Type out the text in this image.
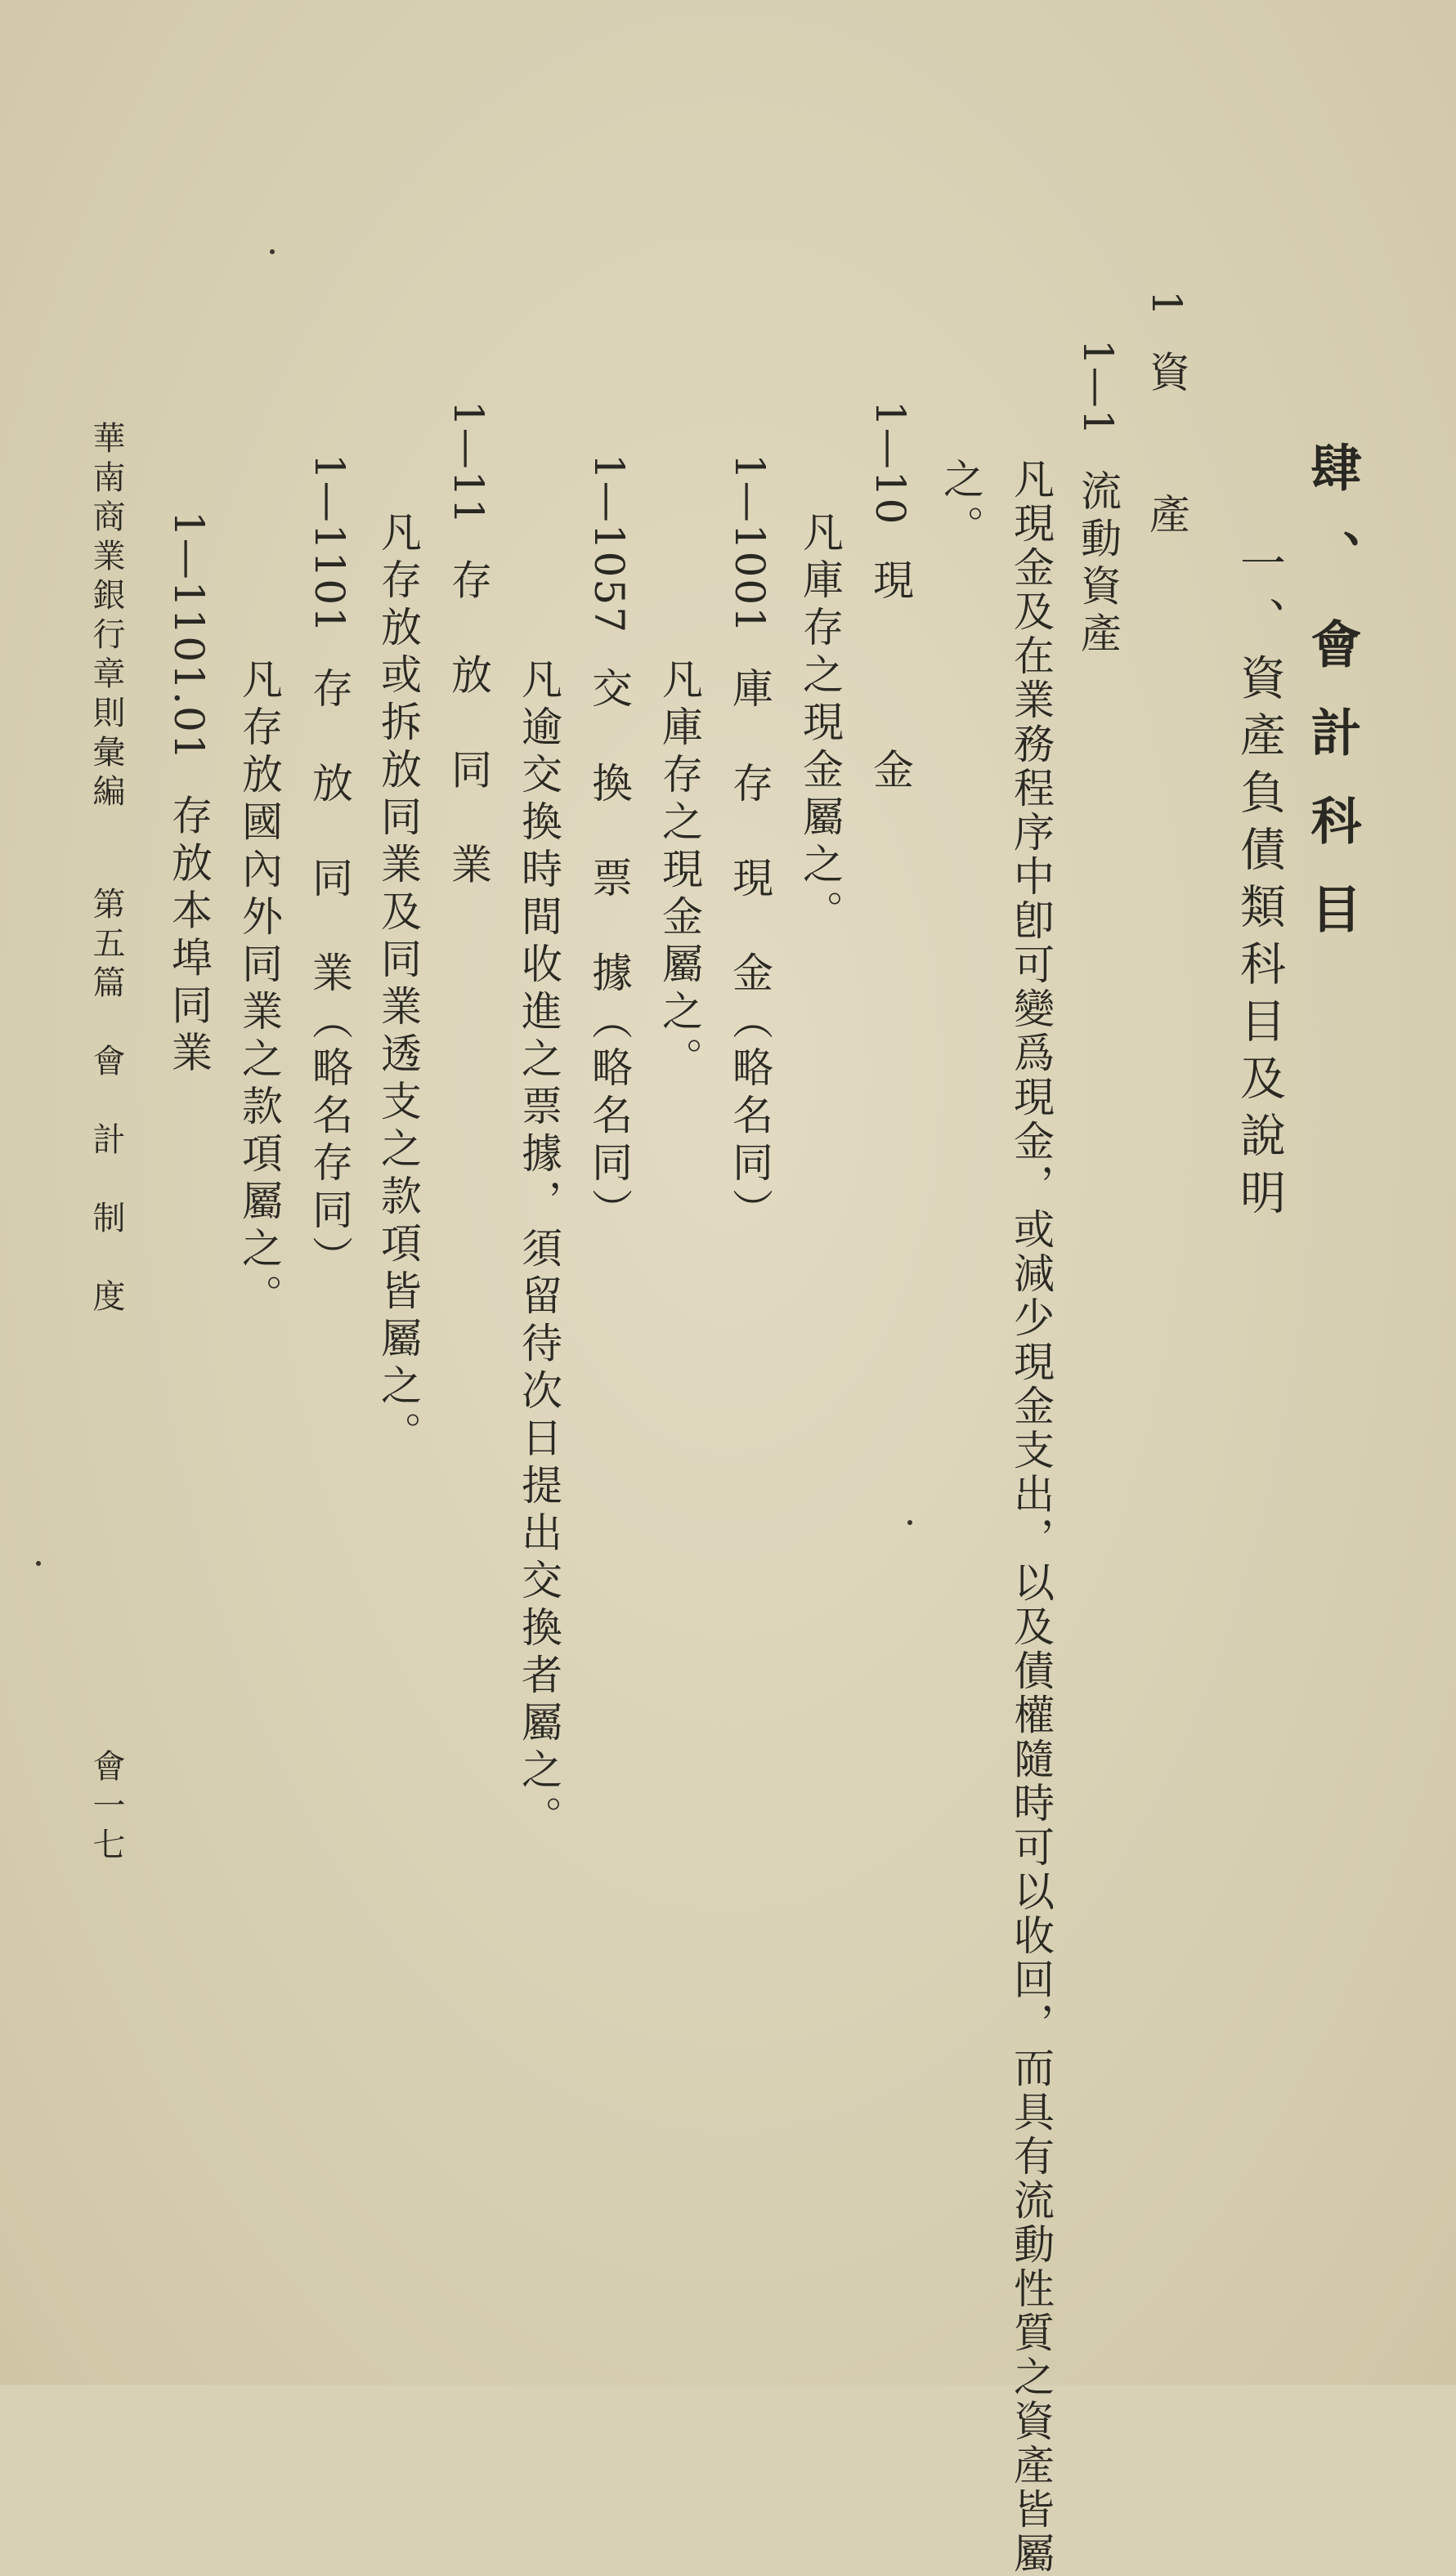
肆、會計科目
一、資產負債類科目及說明
1資　　產
1—1流動資產
凡現金及在業務程序中卽可變爲現金，或減少現金支出，以及債權隨時可以收回，而具有流動性質之資產皆屬
之。
1—10現　　　金
凡庫存之現金屬之。
1—1001庫　存　現　金（略名同）
凡庫存之現金屬之。
1—1057交　換　票　據（略名同）
凡逾交換時間收進之票據，須留待次日提出交換者屬之。
1—11存　放　同　業
凡存放或拆放同業及同業透支之款項皆屬之。
1—1101存　放　同　業（略名存同）
凡存放國內外同業之款項屬之。
1—1101.01存放本埠同業
華南商業銀行章則彙編第五篇　會　計　制　度
會一七
